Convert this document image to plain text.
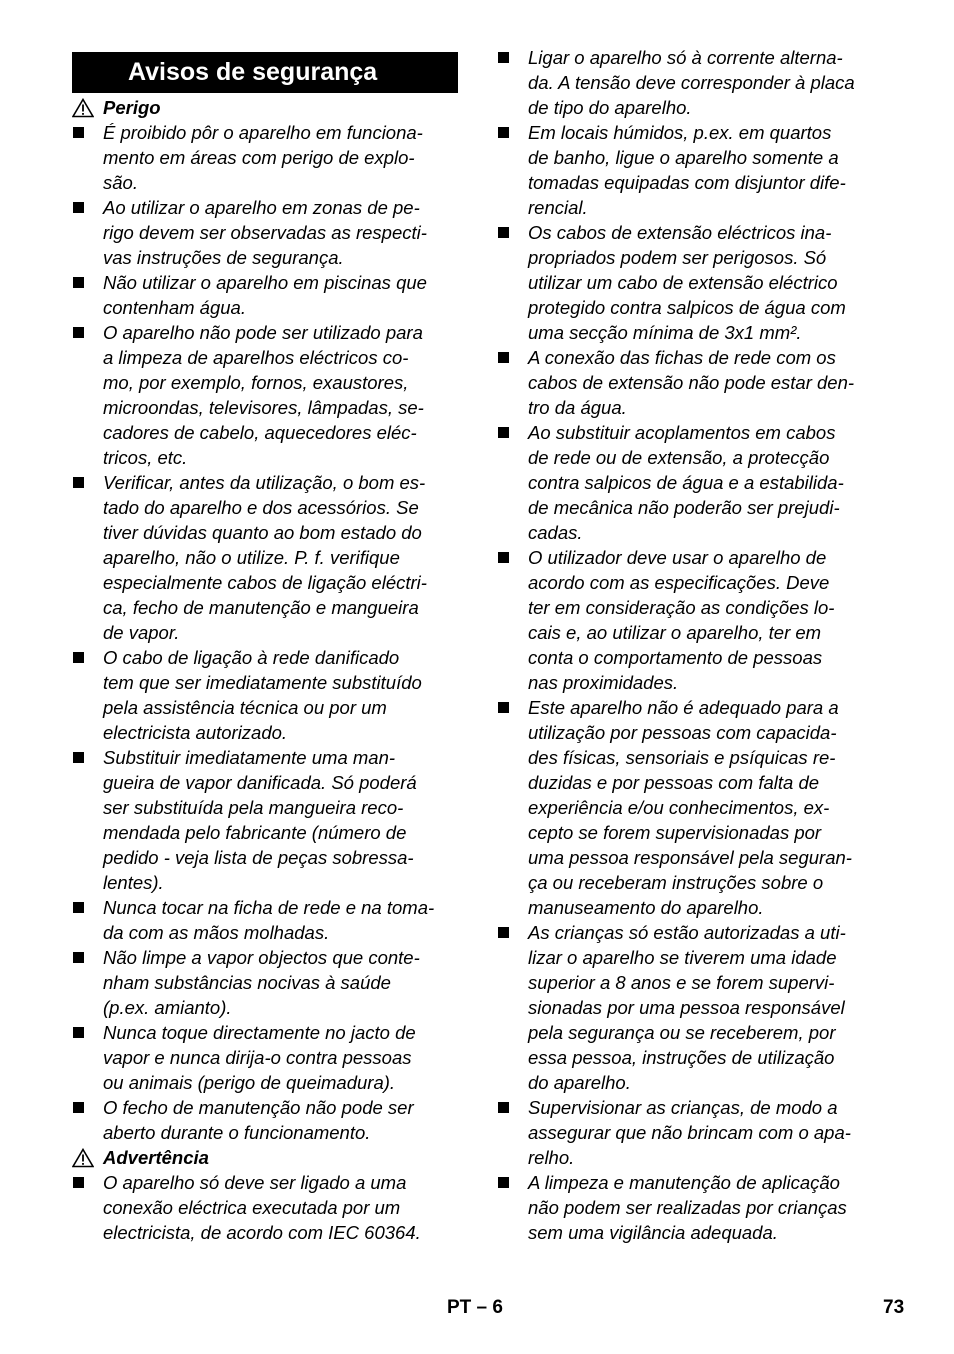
Avisos de segurança
Perigo
É proibido pôr o aparelho em funciona-
mento em áreas com perigo de explo-
são.
Ao utilizar o aparelho em zonas de pe-
rigo devem ser observadas as respecti-
vas instruções de segurança.
Não utilizar o aparelho em piscinas que
contenham água.
O aparelho não pode ser utilizado para
a limpeza de aparelhos eléctricos co-
mo, por exemplo, fornos, exaustores,
microondas, televisores, lâmpadas, se-
cadores de cabelo, aquecedores eléc-
tricos, etc.
Verificar, antes da utilização, o bom es-
tado do aparelho e dos acessórios. Se
tiver dúvidas quanto ao bom estado do
aparelho, não o utilize. P. f. verifique
especialmente cabos de ligação eléctri-
ca, fecho de manutenção e mangueira
de vapor.
O cabo de ligação à rede danificado
tem que ser imediatamente substituído
pela assistência técnica ou por um
electricista autorizado.
Substituir imediatamente uma man-
gueira de vapor danificada. Só poderá
ser substituída pela mangueira reco-
mendada pelo fabricante (número de
pedido - veja lista de peças sobressa-
lentes).
Nunca tocar na ficha de rede e na toma-
da com as mãos molhadas.
Não limpe a vapor objectos que conte-
nham substâncias nocivas à saúde
(p.ex. amianto).
Nunca toque directamente no jacto de
vapor e nunca dirija-o contra pessoas
ou animais (perigo de queimadura).
O fecho de manutenção não pode ser
aberto durante o funcionamento.
Advertência
O aparelho só deve ser ligado a uma
conexão eléctrica executada por um
electricista, de acordo com IEC 60364.
Ligar o aparelho só à corrente alterna-
da. A tensão deve corresponder à placa
de tipo do aparelho.
Em locais húmidos, p.ex. em quartos
de banho, ligue o aparelho somente a
tomadas equipadas com disjuntor dife-
rencial.
Os cabos de extensão eléctricos ina-
propriados podem ser perigosos. Só
utilizar um cabo de extensão eléctrico
protegido contra salpicos de água com
uma secção mínima de 3x1 mm².
A conexão das fichas de rede com os
cabos de extensão não pode estar den-
tro da água.
Ao substituir acoplamentos em cabos
de rede ou de extensão, a protecção
contra salpicos de água e a estabilida-
de mecânica não poderão ser prejudi-
cadas.
O utilizador deve usar o aparelho de
acordo com as especificações. Deve
ter em consideração as condições lo-
cais e, ao utilizar o aparelho, ter em
conta o comportamento de pessoas
nas proximidades.
Este aparelho não é adequado para a
utilização por pessoas com capacida-
des físicas, sensoriais e psíquicas re-
duzidas e por pessoas com falta de
experiência e/ou conhecimentos, ex-
cepto se forem supervisionadas por
uma pessoa responsável pela seguran-
ça ou receberam instruções sobre o
manuseamento do aparelho.
As crianças só estão autorizadas a uti-
lizar o aparelho se tiverem uma idade
superior a 8 anos e se forem supervi-
sionadas por uma pessoa responsável
pela segurança ou se receberem, por
essa pessoa, instruções de utilização
do aparelho.
Supervisionar as crianças, de modo a
assegurar que não brincam com o apa-
relho.
A limpeza e manutenção de aplicação
não podem ser realizadas por crianças
sem uma vigilância adequada.
PT – 6	73
